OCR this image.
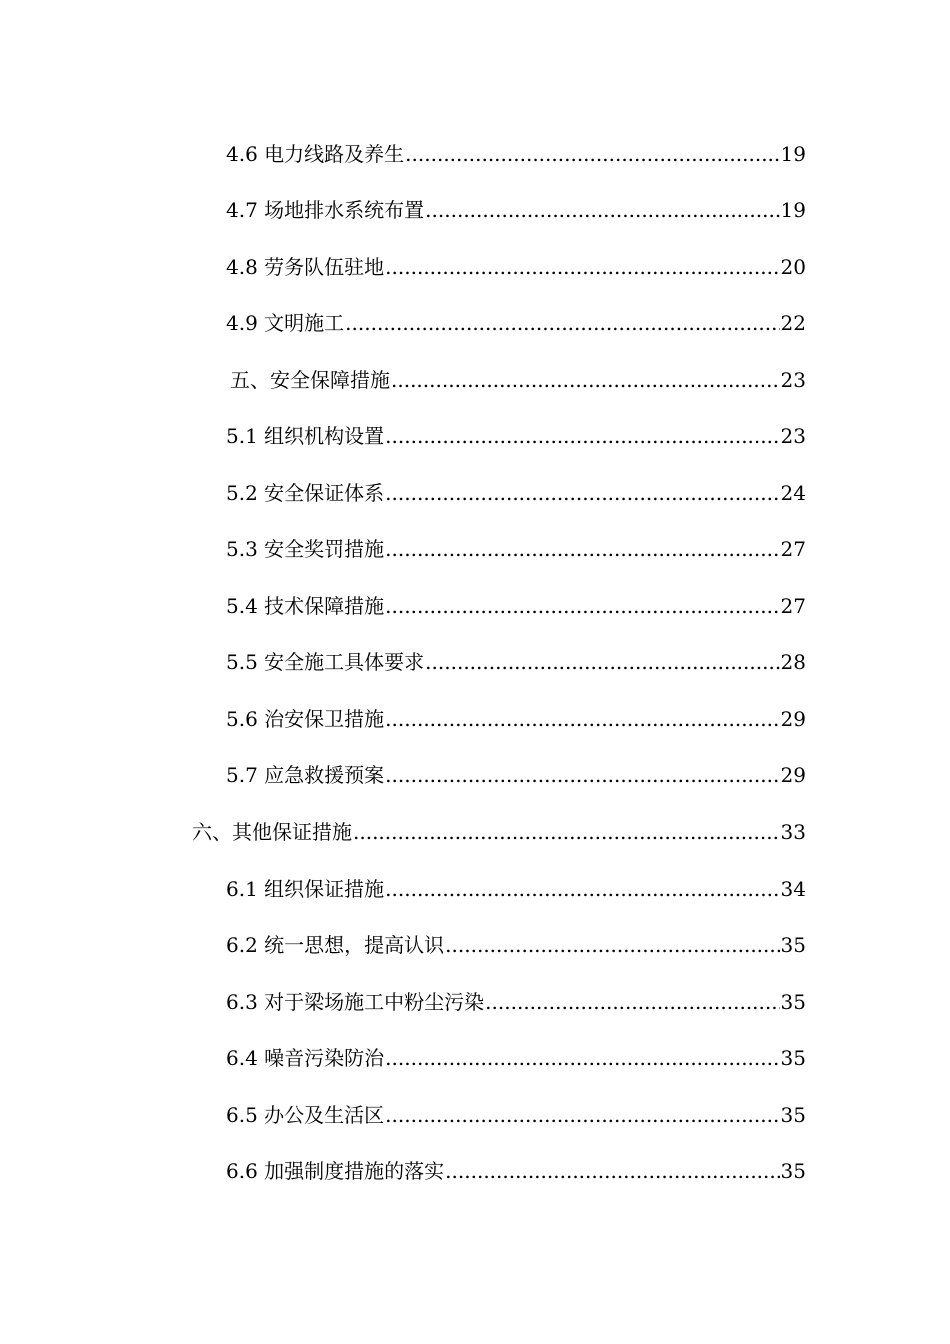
4.6 电力线路及养生 .....	19
4.7 场地排水系统布置 .....	19
4.8 劳务队伍驻地 .....	20
4.9 文明施工 .....	22
五、安全保障措施 .....	23
5.1 组织机构设置 .....	23
5.2 安全保证体系 .....	24
5.3 安全奖罚措施 .....	27
5.4 技术保障措施 .....	27
5.5 安全施工具体要求 .....	28
5.6 治安保卫措施 .....	29
5.7 应急救援预案 .....	29
六、其他保证措施 .....	33
6.1 组织保证措施 .....	34
6.2 统一思想，提高认识 .....	35
6.3 对于梁场施工中粉尘污染 .....	35
6.4 噪音污染防治 .....	35
6.5 办公及生活区 .....	35
6.6 加强制度措施的落实 .....	35
